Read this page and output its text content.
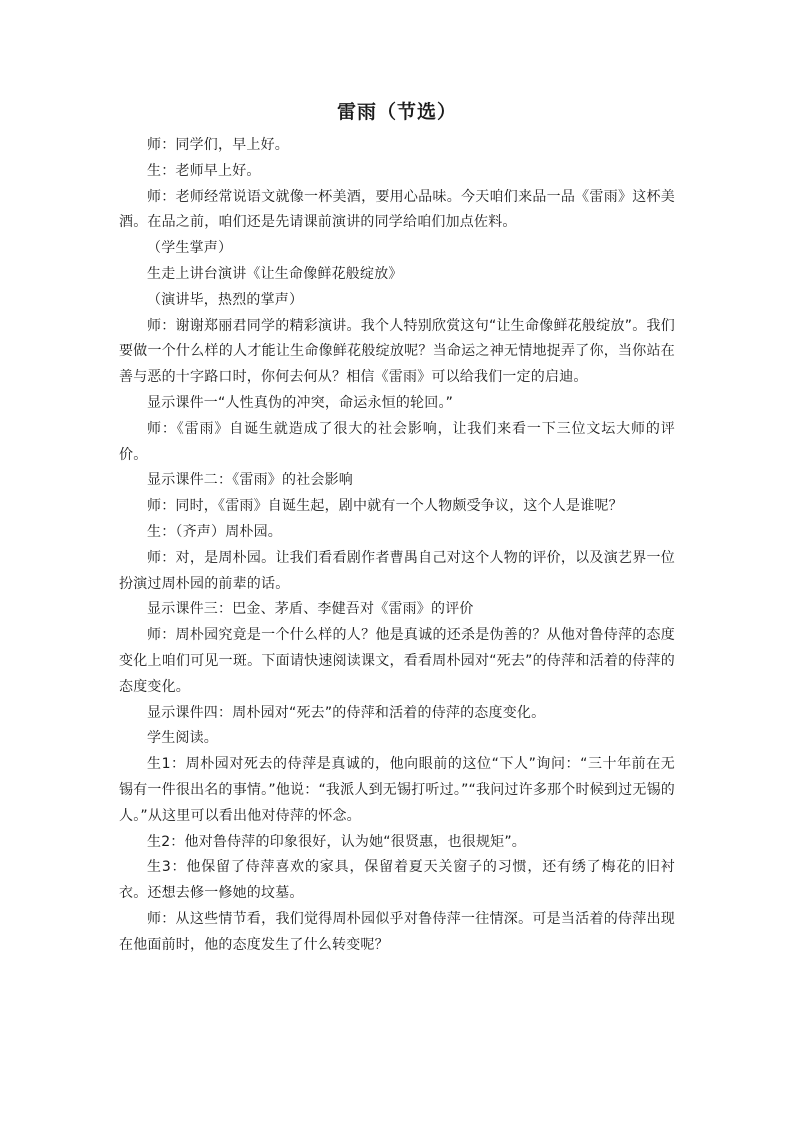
雷雨（节选）

师：同学们，早上好。

生：老师早上好。

师：老师经常说语文就像一杯美酒，要用心品味。今天咱们来品一品《雷雨》这杯美酒。在品之前，咱们还是先请课前演讲的同学给咱们加点佐料。

（学生掌声）

生走上讲台演讲《让生命像鲜花般绽放》

（演讲毕，热烈的掌声）

师：谢谢郑丽君同学的精彩演讲。我个人特别欣赏这句“让生命像鲜花般绽放”。我们要做一个什么样的人才能让生命像鲜花般绽放呢？当命运之神无情地捉弄了你，当你站在善与恶的十字路口时，你何去何从？相信《雷雨》可以给我们一定的启迪。

显示课件一“人性真伪的冲突，命运永恒的轮回。”

师：《雷雨》自诞生就造成了很大的社会影响，让我们来看一下三位文坛大师的评价。

显示课件二：《雷雨》的社会影响

师：同时，《雷雨》自诞生起，剧中就有一个人物颇受争议，这个人是谁呢？

生：（齐声）周朴园。

师：对，是周朴园。让我们看看剧作者曹禺自己对这个人物的评价，以及演艺界一位扮演过周朴园的前辈的话。

显示课件三：巴金、茅盾、李健吾对《雷雨》的评价

师：周朴园究竟是一个什么样的人？他是真诚的还杀是伪善的？从他对鲁侍萍的态度变化上咱们可见一斑。下面请快速阅读课文，看看周朴园对“死去”的侍萍和活着的侍萍的态度变化。

显示课件四：周朴园对“死去”的侍萍和活着的侍萍的态度变化。

学生阅读。

生1：周朴园对死去的侍萍是真诚的，他向眼前的这位“下人”询问：“三十年前在无锡有一件很出名的事情。”他说：“我派人到无锡打听过。”“我问过许多那个时候到过无锡的人。”从这里可以看出他对侍萍的怀念。

生2：他对鲁侍萍的印象很好，认为她“很贤惠，也很规矩”。

生3：他保留了侍萍喜欢的家具，保留着夏天关窗子的习惯，还有绣了梅花的旧衬衣。还想去修一修她的坟墓。

师：从这些情节看，我们觉得周朴园似乎对鲁侍萍一往情深。可是当活着的侍萍出现在他面前时，他的态度发生了什么转变呢？
